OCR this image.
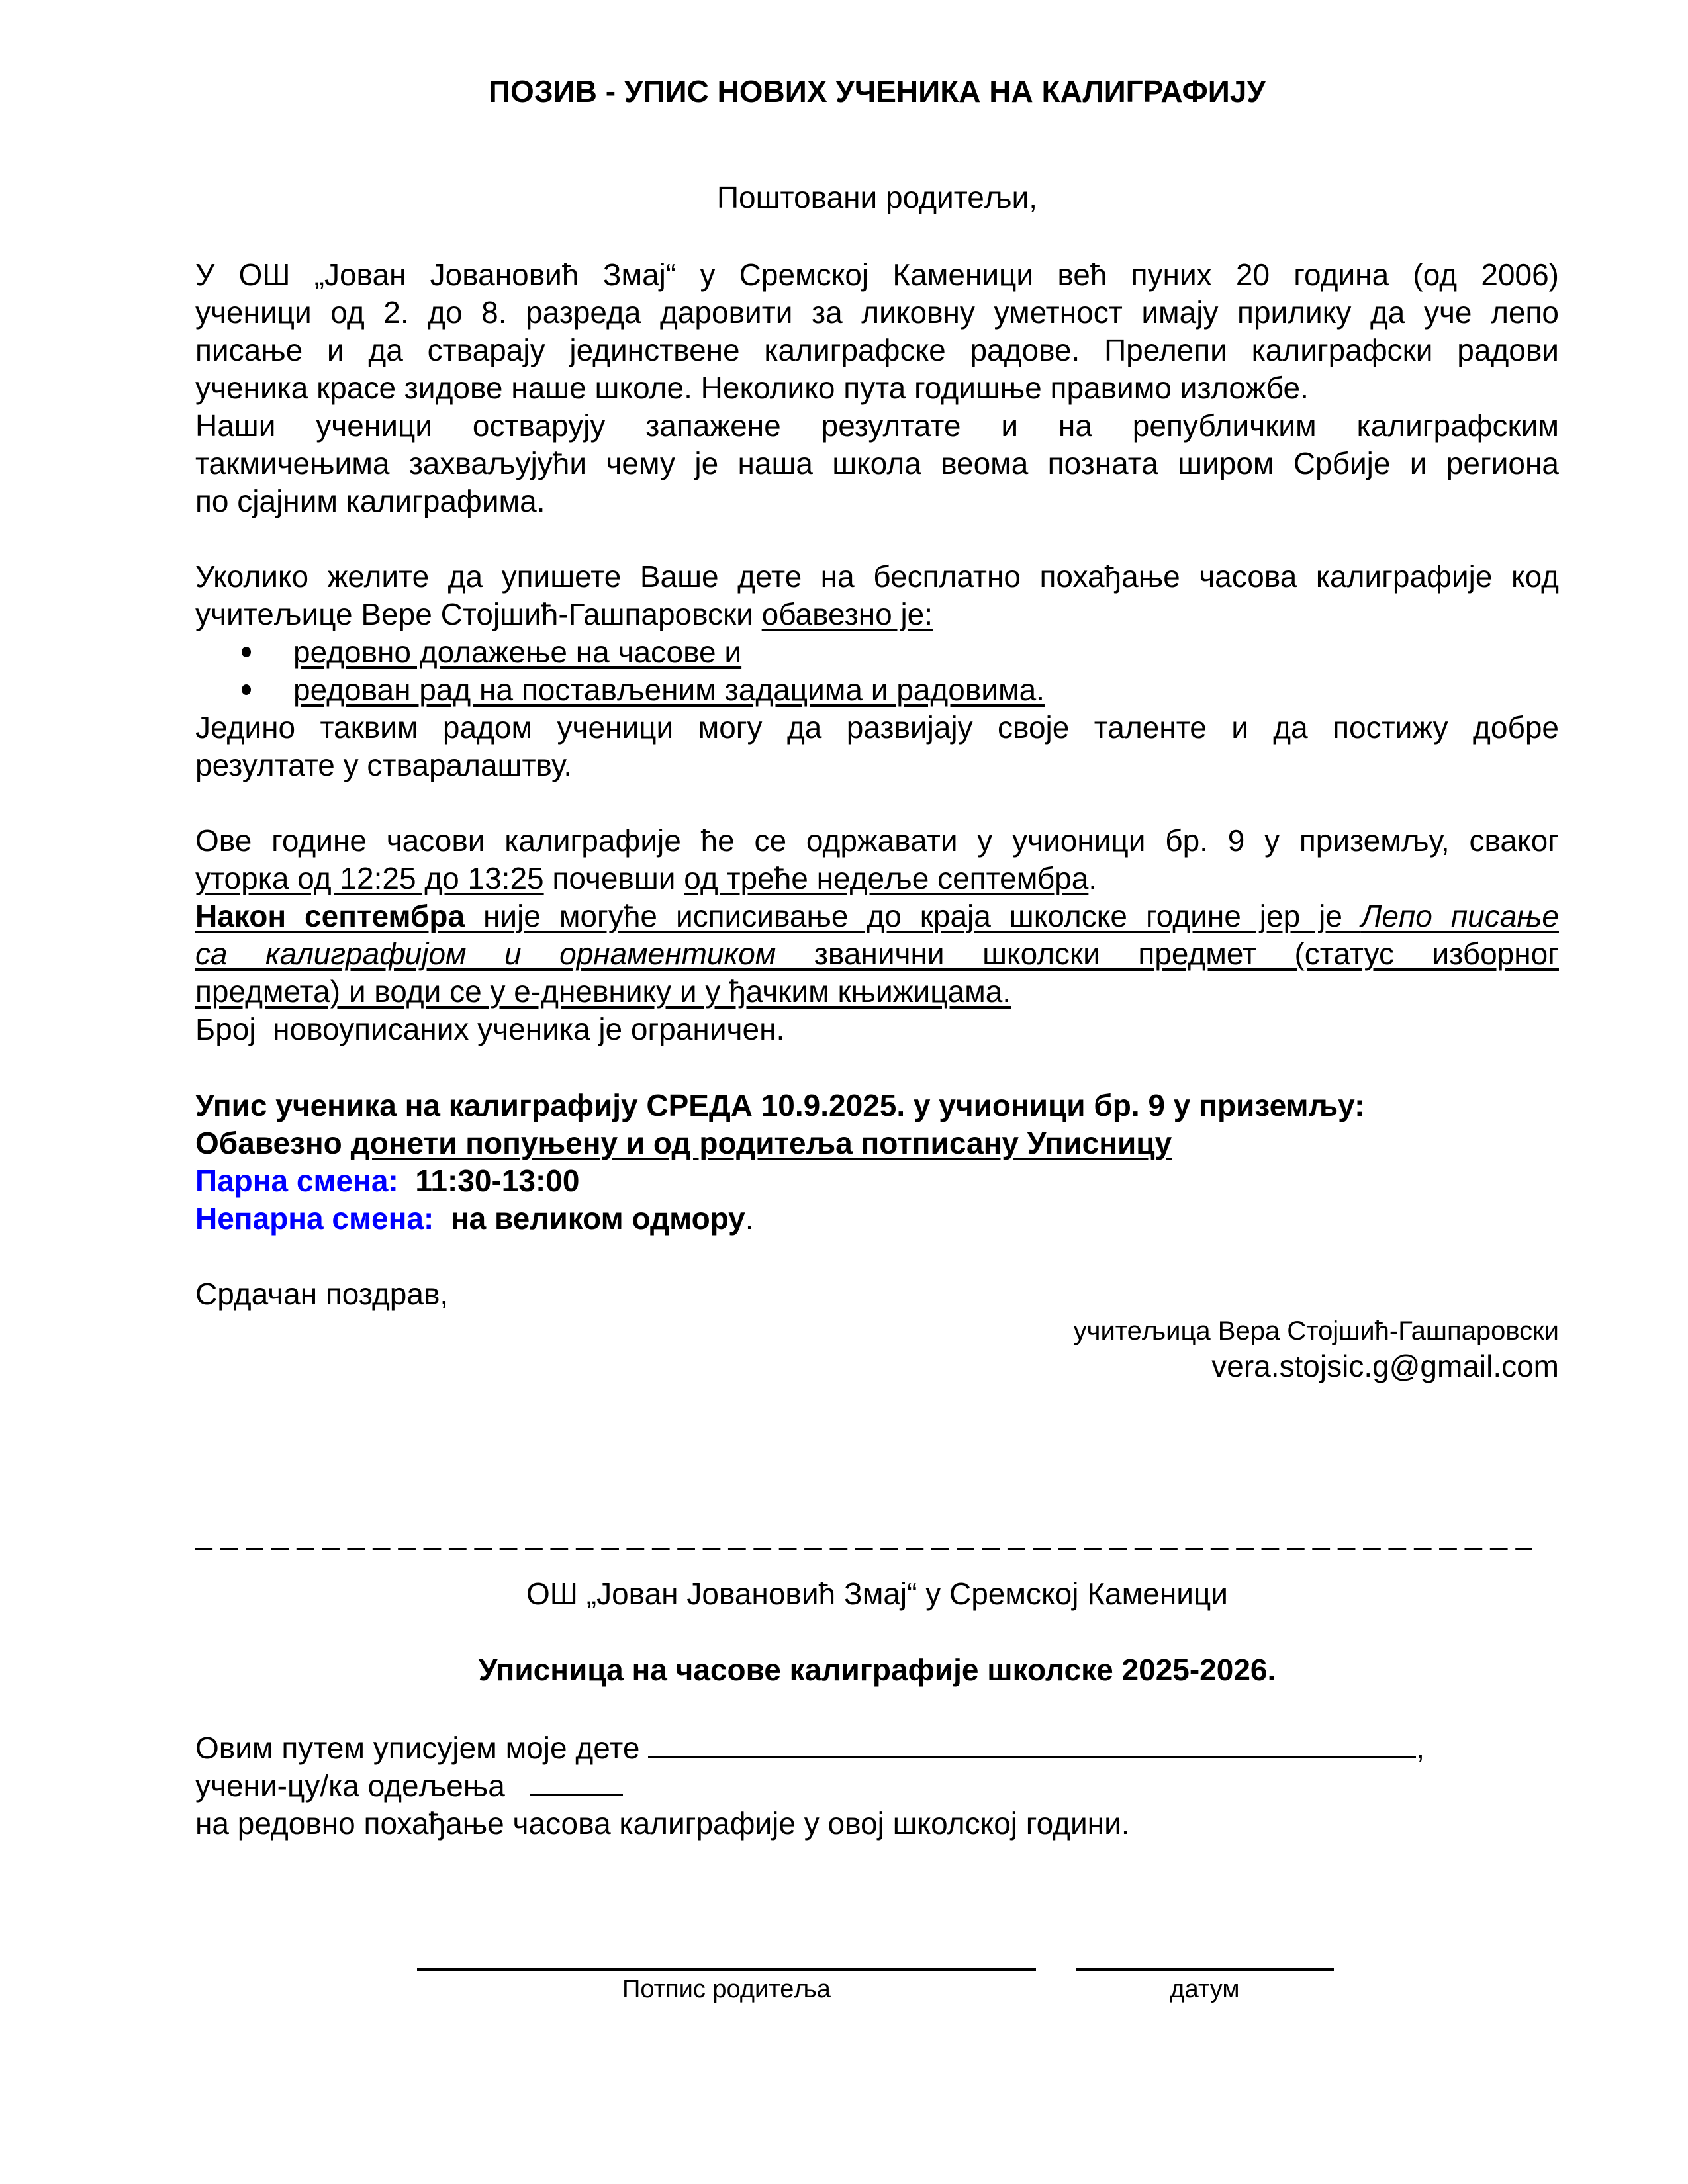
ПОЗИВ - УПИС НОВИХ УЧЕНИКА НА КАЛИГРАФИЈУ
Поштовани родитељи,

У ОШ „Јован Јовановић Змај“ у Сремској Каменици већ пуних 20 година (од 2006)

ученици од 2. до 8. разреда даровити за ликовну уметност имају прилику да уче лепо

писање и да стварају јединствене калиграфске радове. Прелепи калиграфски радови

ученика красе зидове наше школе. Неколико пута годишње правимо изложбе.

Наши ученици остварују запажене резултате и на републичким калиграфским

такмичењима захваљујући чему је наша школа веома позната широм Србије и региона

по сјајним калиграфима.

Уколико желите да упишете Ваше дете на бесплатно похађање часова калиграфије код

учитељице Вере Стојшић-Гашпаровски обавезно је:

редовно долажење на часове и
редован рад на постављеним задацима и радовима.

Једино таквим радом ученици могу да развијају своје таленте и да постижу добре

резултате у стваралаштву.

Ове године часови калиграфије ће се одржавати у учионици бр. 9 у приземљу, сваког

уторка од 12:25 до 13:25 почевши од треће недеље септембра.

Након септембра није могуће исписивање до краја школске године јер је Лепо писање

са калиграфијом и орнаментиком званични школски предмет (статус изборног

предмета) и води се у е-дневнику и у ђачким књижицама.

Број  новоуписаних ученика је ограничен.

Упис ученика на калиграфију СРЕДА 10.9.2025. у учионици бр. 9 у приземљу:
Обавезно донети попуњену и од родитеља потписану Уписницу
Парна смена: 11:30-13:00
Непарна смена: на великом одмору.
Срдачан поздрав,
учитељица Вера Стојшић-Гашпаровски
vera.stojsic.g@gmail.com
_ _ _ _ _ _ _ _ _ _ _ _ _ _ _ _ _ _ _ _ _ _ _ _ _ _ _ _ _ _ _ _ _ _ _ _ _ _ _ _ _ _ _ _ _ _ _ _ _ _ _ _ _
ОШ „Јован Јовановић Змај“ у Сремској Каменици
Уписница на часове калиграфије школске 2025-2026.
Овим путем уписујем моје дете	,
учени-цу/ка одељења
на редовно похађање часова калиграфије у овој школској години.
Потпис родитеља	датум
